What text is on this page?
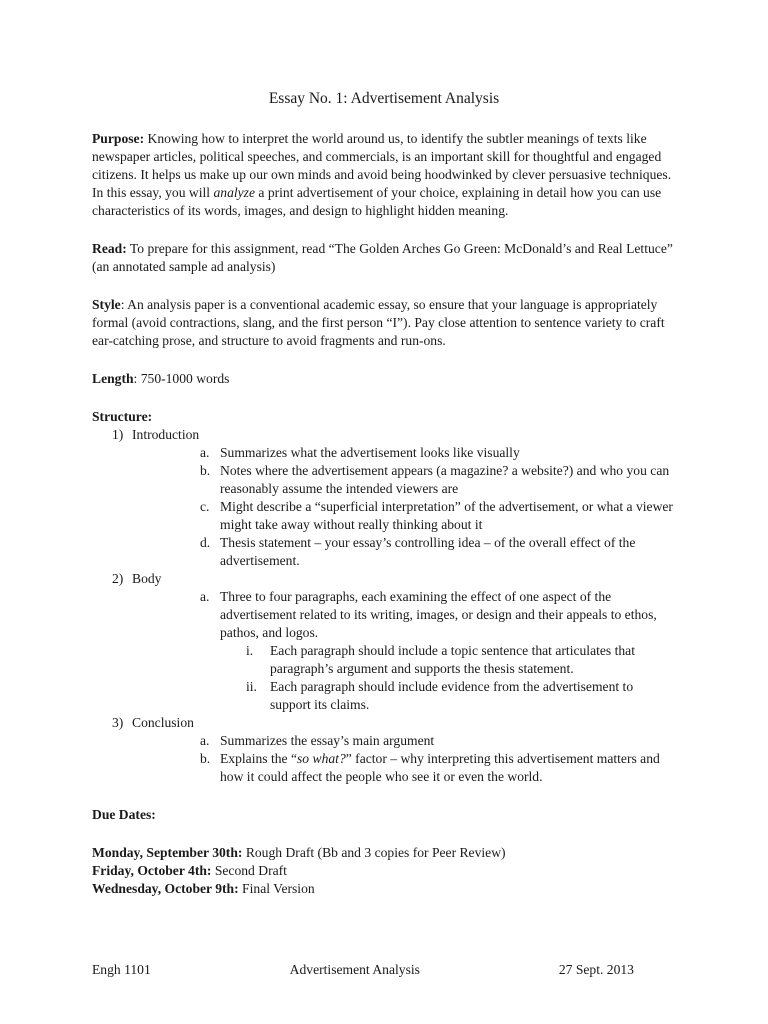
Essay No. 1: Advertisement Analysis

Purpose: Knowing how to interpret the world around us, to identify the subtler meanings of texts like newspaper articles, political speeches, and commercials, is an important skill for thoughtful and engaged citizens. It helps us make up our own minds and avoid being hoodwinked by clever persuasive techniques. In this essay, you will analyze a print advertisement of your choice, explaining in detail how you can use characteristics of its words, images, and design to highlight hidden meaning.

Read: To prepare for this assignment, read “The Golden Arches Go Green: McDonald’s and Real Lettuce” (an annotated sample ad analysis)

Style: An analysis paper is a conventional academic essay, so ensure that your language is appropriately formal (avoid contractions, slang, and the first person “I”). Pay close attention to sentence variety to craft ear-catching prose, and structure to avoid fragments and run-ons.

Length: 750-1000 words

Structure:
1) Introduction
a. Summarizes what the advertisement looks like visually
b. Notes where the advertisement appears (a magazine? a website?) and who you can reasonably assume the intended viewers are
c. Might describe a “superficial interpretation” of the advertisement, or what a viewer might take away without really thinking about it
d. Thesis statement – your essay’s controlling idea – of the overall effect of the advertisement.
2) Body
a. Three to four paragraphs, each examining the effect of one aspect of the advertisement related to its writing, images, or design and their appeals to ethos, pathos, and logos.
i. Each paragraph should include a topic sentence that articulates that paragraph’s argument and supports the thesis statement.
ii. Each paragraph should include evidence from the advertisement to support its claims.
3) Conclusion
a. Summarizes the essay’s main argument
b. Explains the “so what?” factor – why interpreting this advertisement matters and how it could affect the people who see it or even the world.
Due Dates:
Monday, September 30th: Rough Draft (Bb and 3 copies for Peer Review)
Friday, October 4th: Second Draft
Wednesday, October 9th: Final Version
Engh 1101	Advertisement Analysis	27 Sept. 2013
